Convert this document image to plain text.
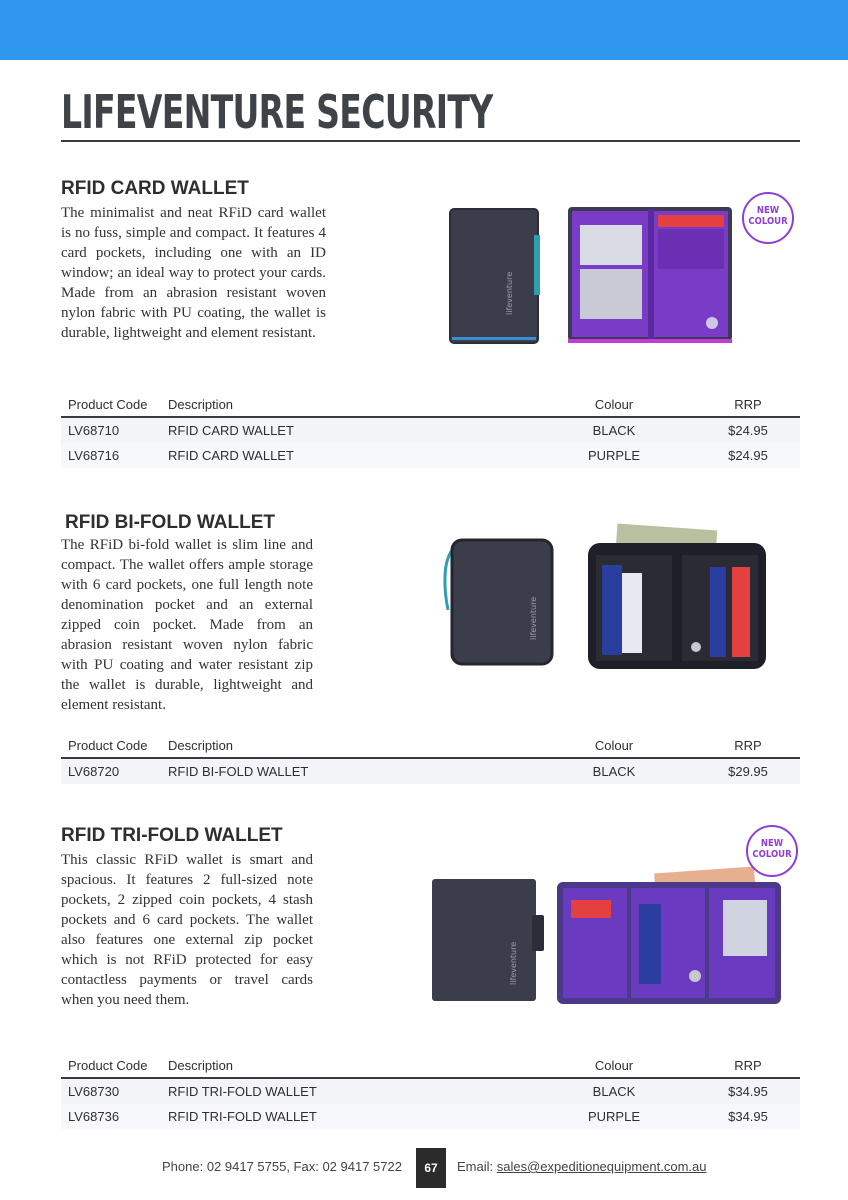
LIFEVENTURE SECURITY
RFID CARD WALLET

The minimalist and neat RFiD card wallet is no fuss, simple and compact. It features 4 card pockets, including one with an ID window; an ideal way to protect your cards. Made from an abrasion resistant woven nylon fabric with PU coating, the wallet is durable, lightweight and element resistant.

lifeventure
NEW COLOUR
Product Code	Description	Colour	RRP
LV68710	RFID CARD WALLET	BLACK	$24.95
LV68716	RFID CARD WALLET	PURPLE	$24.95
RFID BI-FOLD WALLET

The RFiD bi-fold wallet is slim line and compact. The wallet offers ample storage with 6 card pockets, one full length note denomination pocket and an external zipped coin pocket. Made from an abrasion resistant woven nylon fabric with PU coating and water resistant zip the wallet is durable, lightweight and element resistant.

lifeventure
Product Code	Description	Colour	RRP
LV68720	RFID BI-FOLD WALLET	BLACK	$29.95
RFID TRI-FOLD WALLET

This classic RFiD wallet is smart and spacious. It features 2 full-sized note pockets, 2 zipped coin pockets, 4 stash pockets and 6 card pockets. The wallet also features one external zip pocket which is not RFiD protected for easy contactless payments or travel cards when you need them.

lifeventure
NEW COLOUR
Product Code	Description	Colour	RRP
LV68730	RFID TRI-FOLD WALLET	BLACK	$34.95
LV68736	RFID TRI-FOLD WALLET	PURPLE	$34.95
Phone: 02 9417 5755, Fax: 02 9417 5722	67	Email: sales@expeditionequipment.com.au
